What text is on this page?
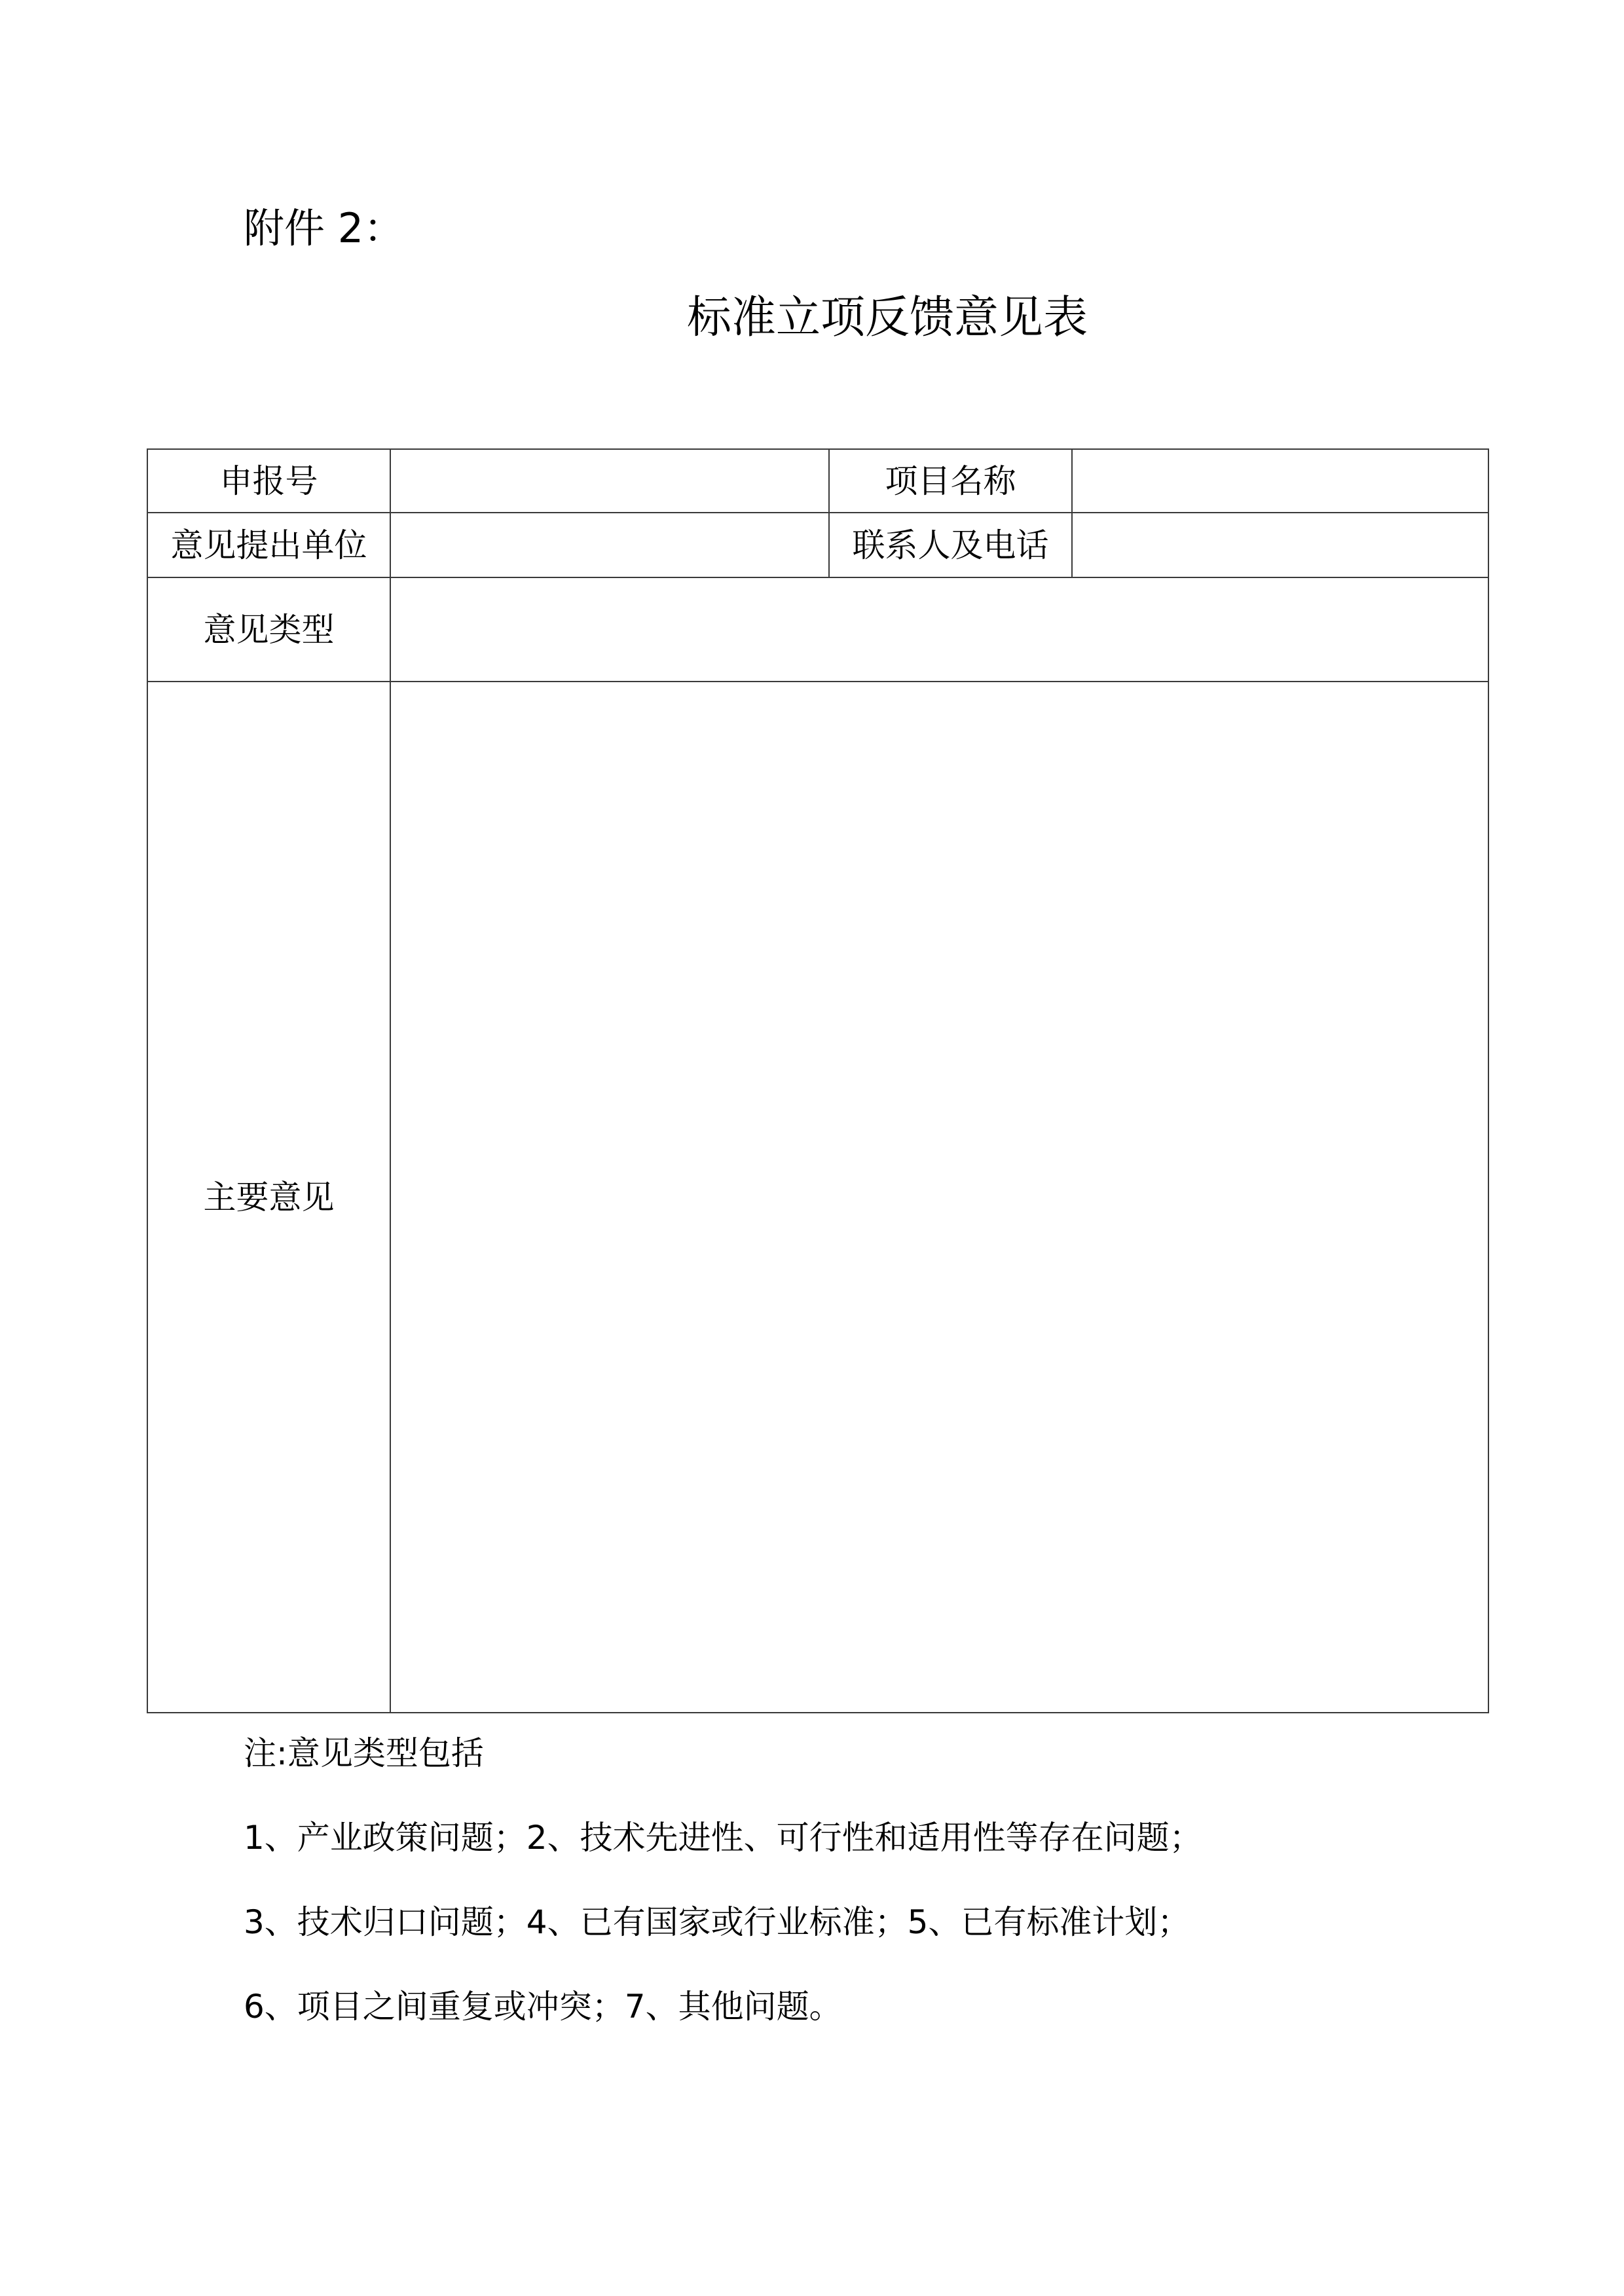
附件 2：
标准立项反馈意见表
申报号		项目名称	
意见提出单位		联系人及电话	
意见类型			
主要意见			
注:意见类型包括
1、产业政策问题；2、技术先进性、可行性和适用性等存在问题；
3、技术归口问题；4、已有国家或行业标准；5、已有标准计划；
6、项目之间重复或冲突；7、其他问题。
